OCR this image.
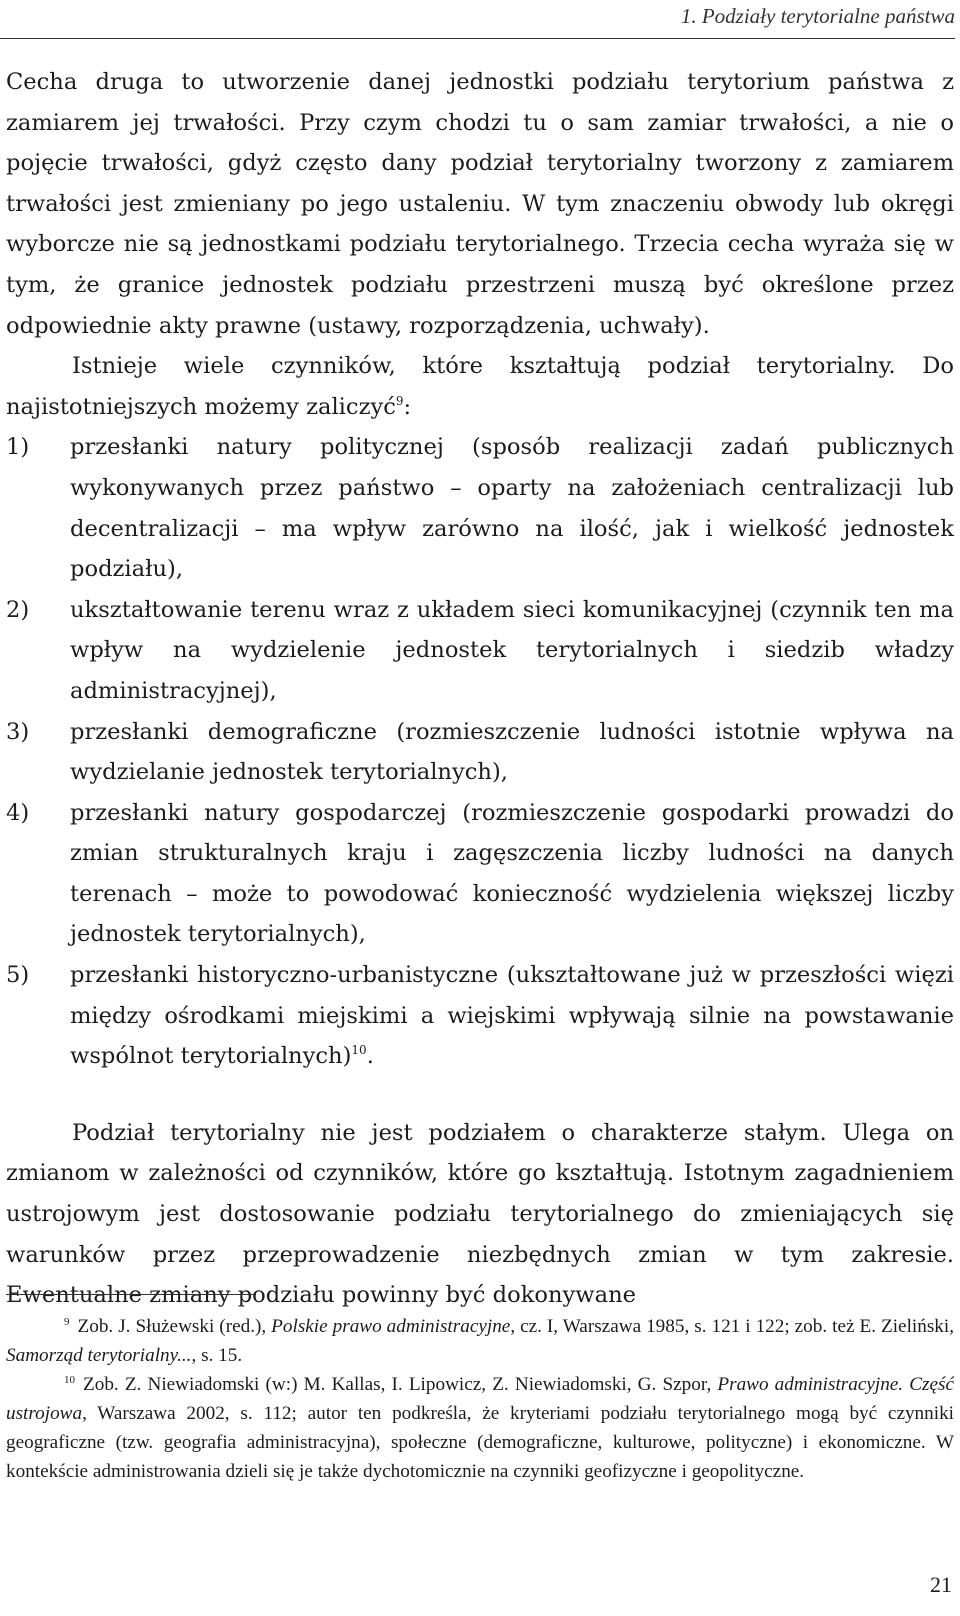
1. Podziały terytorialne państwa

Cecha druga to utworzenie danej jednostki podziału terytorium państwa z zamiarem jej trwałości. Przy czym chodzi tu o sam zamiar trwałości, a nie o pojęcie trwałości, gdyż często dany podział terytorialny tworzony z zamiarem trwałości jest zmieniany po jego ustaleniu. W tym znaczeniu obwody lub okręgi wyborcze nie są jednostkami podziału terytorialnego. Trzecia cecha wyraża się w tym, że granice jednostek podziału przestrzeni muszą być określone przez odpowiednie akty prawne (ustawy, rozporządzenia, uchwały).

Istnieje wiele czynników, które kształtują podział terytorialny. Do najistotniejszych możemy zaliczyć$^9$:

1) przesłanki natury politycznej (sposób realizacji zadań publicznych wykonywanych przez państwo – oparty na założeniach centralizacji lub decentralizacji – ma wpływ zarówno na ilość, jak i wielkość jednostek podziału),
2) ukształtowanie terenu wraz z układem sieci komunikacyjnej (czynnik ten ma wpływ na wydzielenie jednostek terytorialnych i siedzib władzy administracyjnej),
3) przesłanki demograficzne (rozmieszczenie ludności istotnie wpływa na wydzielanie jednostek terytorialnych),
4) przesłanki natury gospodarczej (rozmieszczenie gospodarki prowadzi do zmian strukturalnych kraju i zagęszczenia liczby ludności na danych terenach – może to powodować konieczność wydzielenia większej liczby jednostek terytorialnych),
5) przesłanki historyczno-urbanistyczne (ukształtowane już w przeszłości więzi między ośrodkami miejskimi a wiejskimi wpływają silnie na powstawanie wspólnot terytorialnych)$^{10}$.

Podział terytorialny nie jest podziałem o charakterze stałym. Ulega on zmianom w zależności od czynników, które go kształtują. Istotnym zagadnieniem ustrojowym jest dostosowanie podziału terytorialnego do zmieniających się warunków przez przeprowadzenie niezbędnych zmian w tym zakresie. Ewentualne zmiany podziału powinny być dokonywane

$^9$ Zob. J. Służewski (red.), Polskie prawo administracyjne, cz. I, Warszawa 1985, s. 121 i 122; zob. też E. Zieliński, Samorząd terytorialny..., s. 15.

$^{10}$ Zob. Z. Niewiadomski (w:) M. Kallas, I. Lipowicz, Z. Niewiadomski, G. Szpor, Prawo administracyjne. Część ustrojowa, Warszawa 2002, s. 112; autor ten podkreśla, że kryteriami podziału terytorialnego mogą być czynniki geograficzne (tzw. geografia administracyjna), społeczne (demograficzne, kulturowe, polityczne) i ekonomiczne. W kontekście administrowania dzieli się je także dychotomicznie na czynniki geofizyczne i geopolityczne.

21
